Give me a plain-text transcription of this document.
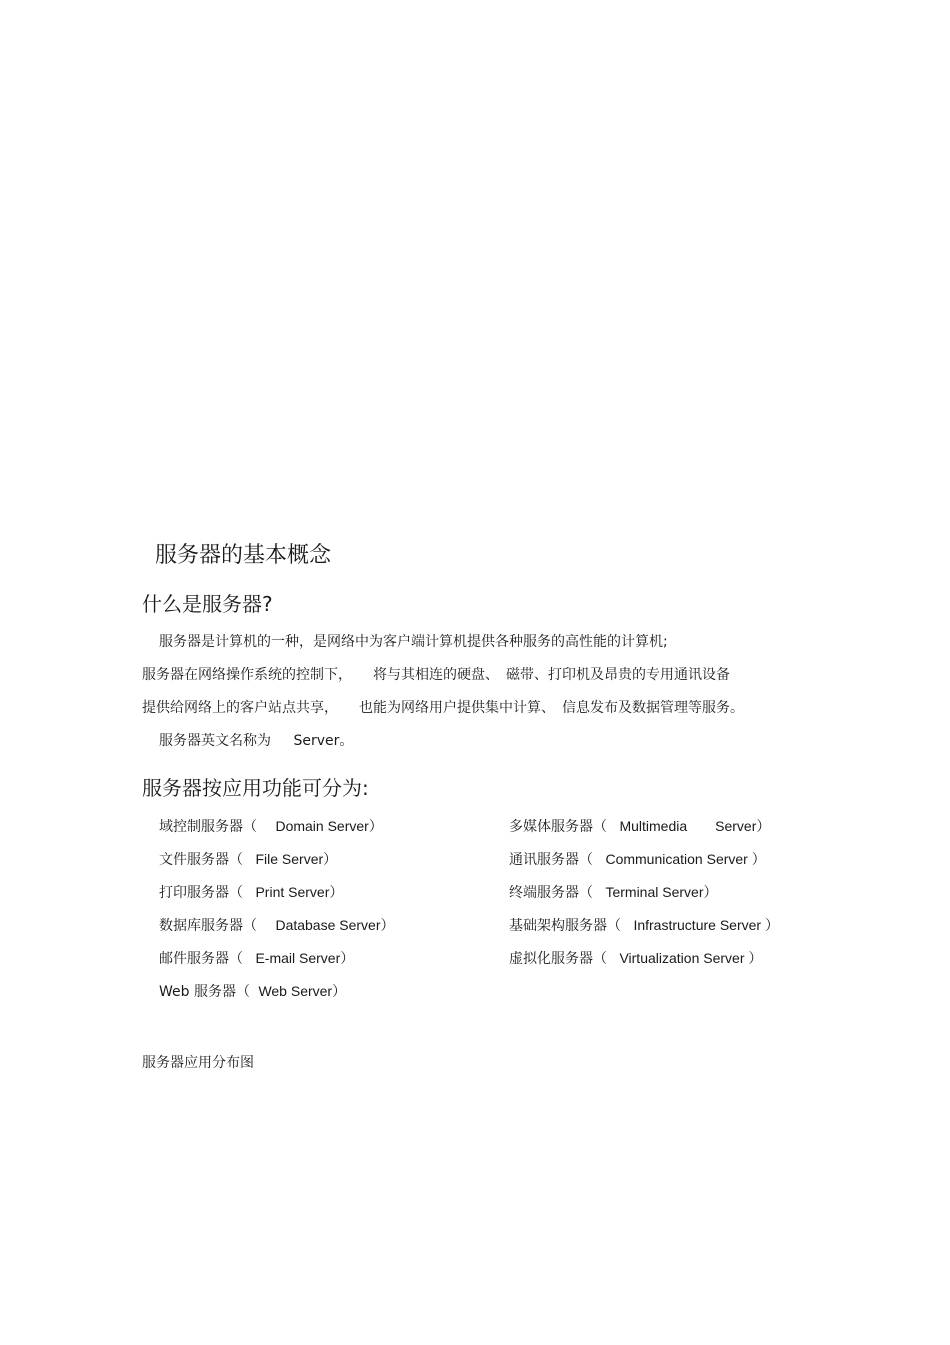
服务器的基本概念
什么是服务器?
服务器是计算机的一种，是网络中为客户端计算机提供各种服务的高性能的计算机;
服务器在网络操作系统的控制下，　　将与其相连的硬盘、　磁带、打印机及昂贵的专用通讯设备
提供给网络上的客户站点共享，　　也能为网络用户提供集中计算、　信息发布及数据管理等服务。
服务器英文名称为 Server。
服务器按应用功能可分为:
域控制服务器（ Domain Server）
文件服务器（ File Server）
打印服务器（ Print Server）
数据库服务器（ Database Server）
邮件服务器（ E-mail Server）
Web 服务器（ Web Server）
多媒体服务器（ Multimedia　　Server）
通讯服务器（ Communication Server ）
终端服务器（ Terminal Server）
基础架构服务器（ Infrastructure Server ）
虚拟化服务器（ Virtualization Server ）
服务器应用分布图
